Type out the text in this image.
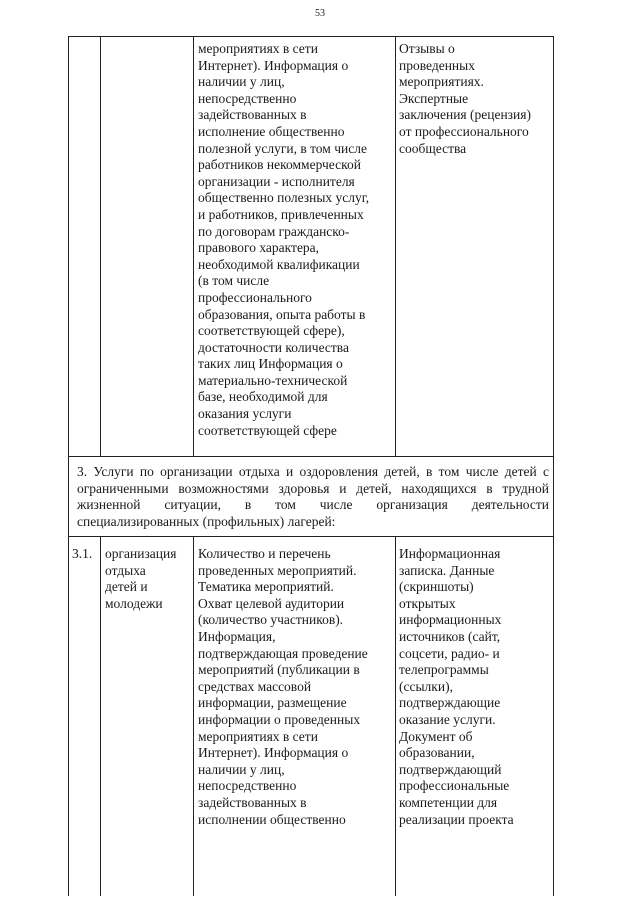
53
мероприятиях в сети
Интернет). Информация о
наличии у лиц,
непосредственно
задействованных в
исполнение общественно
полезной услуги, в том числе
работников некоммерческой
организации - исполнителя
общественно полезных услуг,
и работников, привлеченных
по договорам гражданско-
правового характера,
необходимой квалификации
(в том числе
профессионального
образования, опыта работы в
соответствующей сфере),
достаточности количества
таких лиц Информация о
материально-технической
базе, необходимой для
оказания услуги
соответствующей сфере
Отзывы о
проведенных
мероприятиях.
Экспертные
заключения (рецензия)
от профессионального
сообщества
3. Услуги по организации отдыха и оздоровления детей, в том числе детей с ограниченными возможностями здоровья и детей, находящихся в трудной жизненной ситуации, в том числе организация деятельности специализированных (профильных) лагерей:
3.1. организация
отдыха
детей и
молодежи
Количество и перечень
проведенных мероприятий.
Тематика мероприятий.
Охват целевой аудитории
(количество участников).
Информация,
подтверждающая проведение
мероприятий (публикации в
средствах массовой
информации, размещение
информации о проведенных
мероприятиях в сети
Интернет). Информация о
наличии у лиц,
непосредственно
задействованных в
исполнении общественно
Информационная
записка. Данные
(скриншоты)
открытых
информационных
источников (сайт,
соцсети, радио- и
телепрограммы
(ссылки),
подтверждающие
оказание услуги.
Документ об
образовании,
подтверждающий
профессиональные
компетенции для
реализации проекта
